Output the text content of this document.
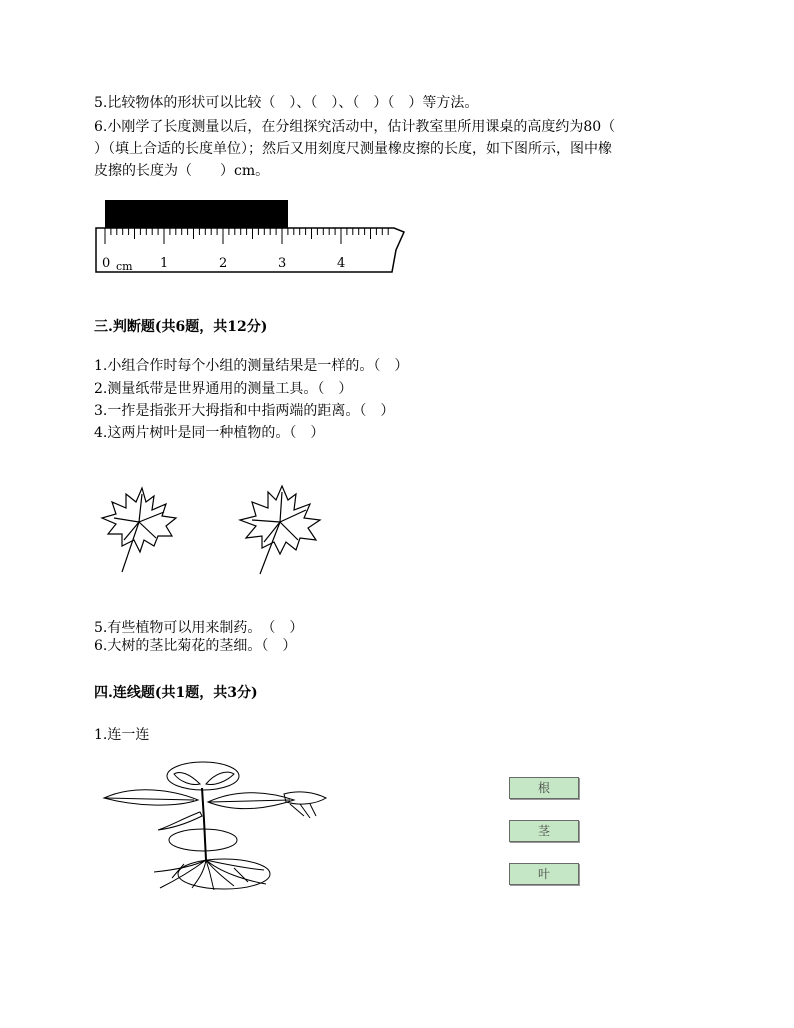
5.比较物体的形状可以比较（　）、（　）、（　）（　）等方法。
6.小刚学了长度测量以后，在分组探究活动中，估计教室里所用课桌的高度约为80（
）（填上合适的长度单位）；然后又用刻度尺测量橡皮擦的长度，如下图所示，图中橡
皮擦的长度为（　　）cm。
0 cm 1	2	3	4
三.判断题(共6题，共12分)
1.小组合作时每个小组的测量结果是一样的。（　）
2.测量纸带是世界通用的测量工具。（　）
3.一拃是指张开大拇指和中指两端的距离。（　）
4.这两片树叶是同一种植物的。（　）
5.有些植物可以用来制药。　（　）
6.大树的茎比菊花的茎细。（　）
四.连线题(共1题，共3分)
1.连一连
根
茎
叶
